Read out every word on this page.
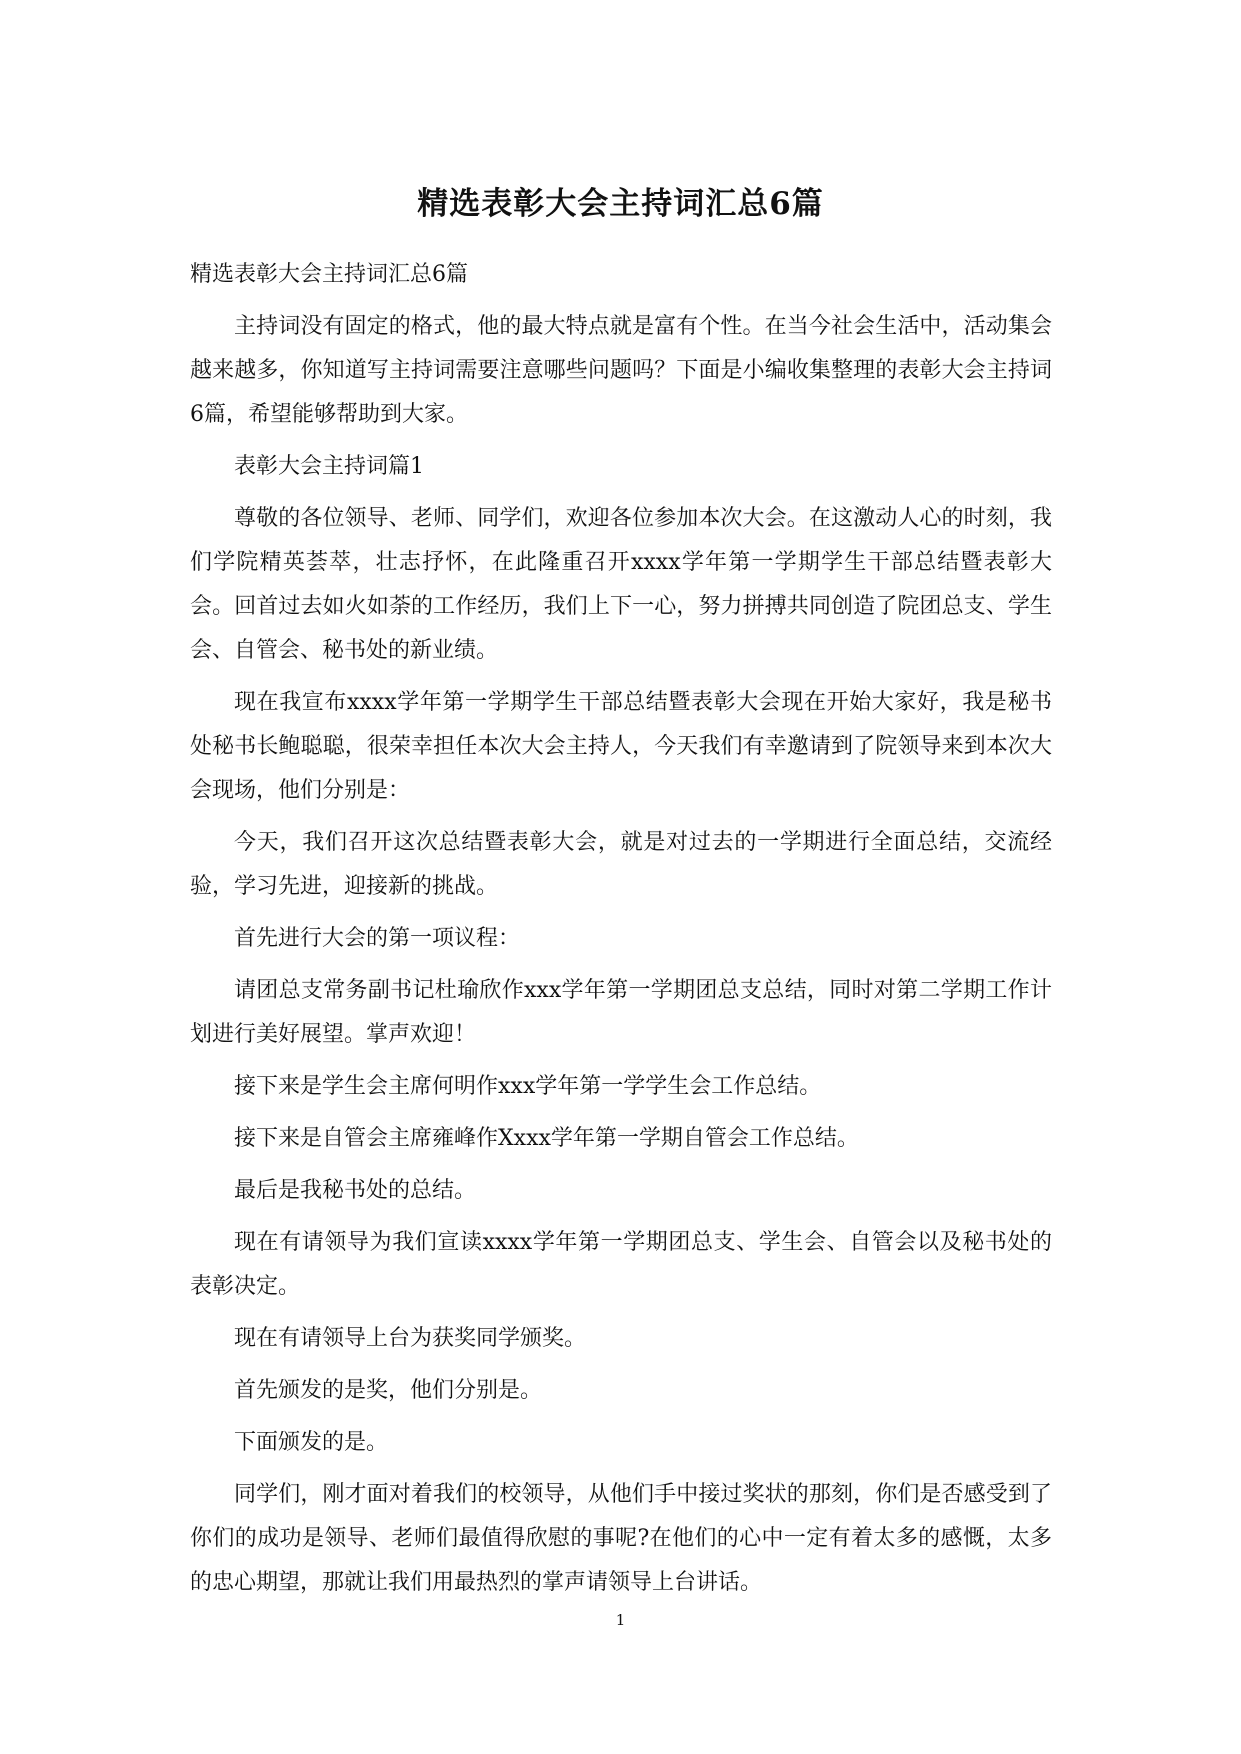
精选表彰大会主持词汇总6篇

精选表彰大会主持词汇总6篇

主持词没有固定的格式，他的最大特点就是富有个性。在当今社会生活中，活动集会越来越多，你知道写主持词需要注意哪些问题吗？下面是小编收集整理的表彰大会主持词6篇，希望能够帮助到大家。

表彰大会主持词篇1

尊敬的各位领导、老师、同学们，欢迎各位参加本次大会。在这激动人心的时刻，我们学院精英荟萃，壮志抒怀，在此隆重召开xxxx学年第一学期学生干部总结暨表彰大会。回首过去如火如荼的工作经历，我们上下一心，努力拼搏共同创造了院团总支、学生会、自管会、秘书处的新业绩。

现在我宣布xxxx学年第一学期学生干部总结暨表彰大会现在开始大家好，我是秘书处秘书长鲍聪聪，很荣幸担任本次大会主持人，今天我们有幸邀请到了院领导来到本次大会现场，他们分别是：

今天，我们召开这次总结暨表彰大会，就是对过去的一学期进行全面总结，交流经验，学习先进，迎接新的挑战。

首先进行大会的第一项议程：

请团总支常务副书记杜瑜欣作xxx学年第一学期团总支总结，同时对第二学期工作计划进行美好展望。掌声欢迎！

接下来是学生会主席何明作xxx学年第一学学生会工作总结。

接下来是自管会主席雍峰作Xxxx学年第一学期自管会工作总结。

最后是我秘书处的总结。

现在有请领导为我们宣读xxxx学年第一学期团总支、学生会、自管会以及秘书处的表彰决定。

现在有请领导上台为获奖同学颁奖。

首先颁发的是奖，他们分别是。

下面颁发的是。

同学们，刚才面对着我们的校领导，从他们手中接过奖状的那刻，你们是否感受到了你们的成功是领导、老师们最值得欣慰的事呢?在他们的心中一定有着太多的感慨，太多的忠心期望，那就让我们用最热烈的掌声请领导上台讲话。

1
